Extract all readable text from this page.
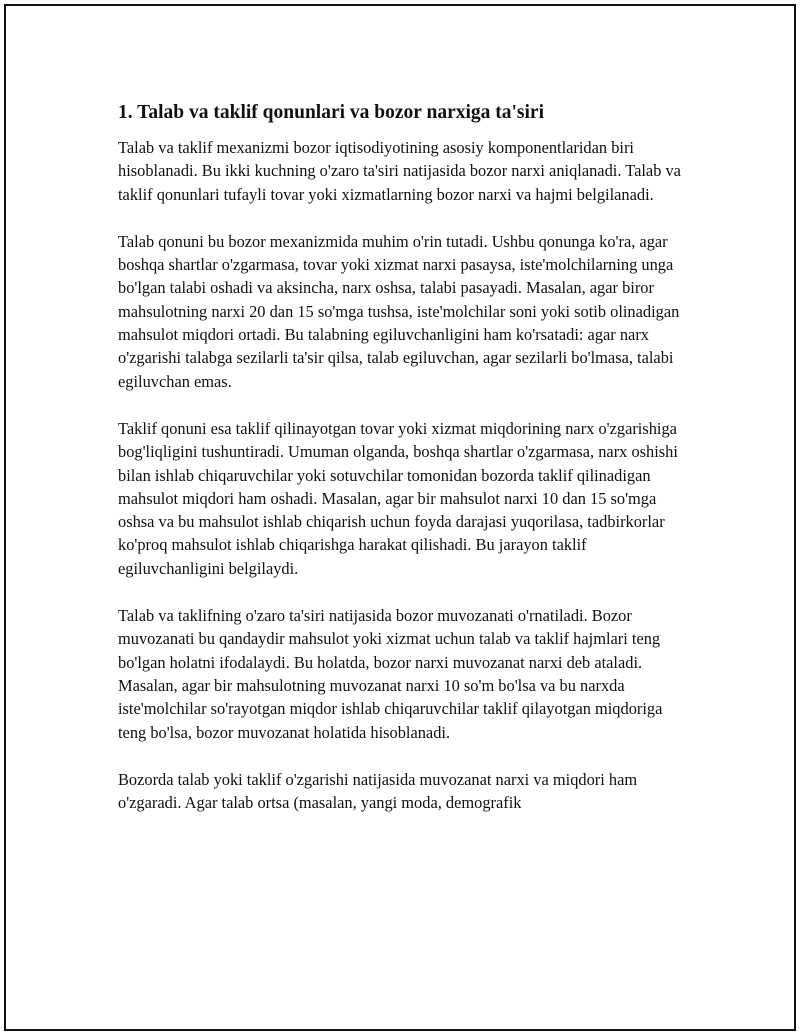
1. Talab va taklif qonunlari va bozor narxiga ta'siri

Talab va taklif mexanizmi bozor iqtisodiyotining asosiy komponentlaridan biri hisoblanadi. Bu ikki kuchning o'zaro ta'siri natijasida bozor narxi aniqlanadi. Talab va taklif qonunlari tufayli tovar yoki xizmatlarning bozor narxi va hajmi belgilanadi.

Talab qonuni bu bozor mexanizmida muhim o'rin tutadi. Ushbu qonunga ko'ra, agar boshqa shartlar o'zgarmasa, tovar yoki xizmat narxi pasaysa, iste'molchilarning unga bo'lgan talabi oshadi va aksincha, narx oshsa, talabi pasayadi. Masalan, agar biror mahsulotning narxi 20 dan 15 so'mga tushsa, iste'molchilar soni yoki sotib olinadigan mahsulot miqdori ortadi. Bu talabning egiluvchanligini ham ko'rsatadi: agar narx o'zgarishi talabga sezilarli ta'sir qilsa, talab egiluvchan, agar sezilarli bo'lmasa, talabi egiluvchan emas.

Taklif qonuni esa taklif qilinayotgan tovar yoki xizmat miqdorining narx o'zgarishiga bog'liqligini tushuntiradi. Umuman olganda, boshqa shartlar o'zgarmasa, narx oshishi bilan ishlab chiqaruvchilar yoki sotuvchilar tomonidan bozorda taklif qilinadigan mahsulot miqdori ham oshadi. Masalan, agar bir mahsulot narxi 10 dan 15 so'mga oshsa va bu mahsulot ishlab chiqarish uchun foyda darajasi yuqorilasa, tadbirkorlar ko'proq mahsulot ishlab chiqarishga harakat qilishadi. Bu jarayon taklif egiluvchanligini belgilaydi.

Talab va taklifning o'zaro ta'siri natijasida bozor muvozanati o'rnatiladi. Bozor muvozanati bu qandaydir mahsulot yoki xizmat uchun talab va taklif hajmlari teng bo'lgan holatni ifodalaydi. Bu holatda, bozor narxi muvozanat narxi deb ataladi. Masalan, agar bir mahsulotning muvozanat narxi 10 so'm bo'lsa va bu narxda iste'molchilar so'rayotgan miqdor ishlab chiqaruvchilar taklif qilayotgan miqdoriga teng bo'lsa, bozor muvozanat holatida hisoblanadi.

Bozorda talab yoki taklif o'zgarishi natijasida muvozanat narxi va miqdori ham o'zgaradi. Agar talab ortsa (masalan, yangi moda, demografik
